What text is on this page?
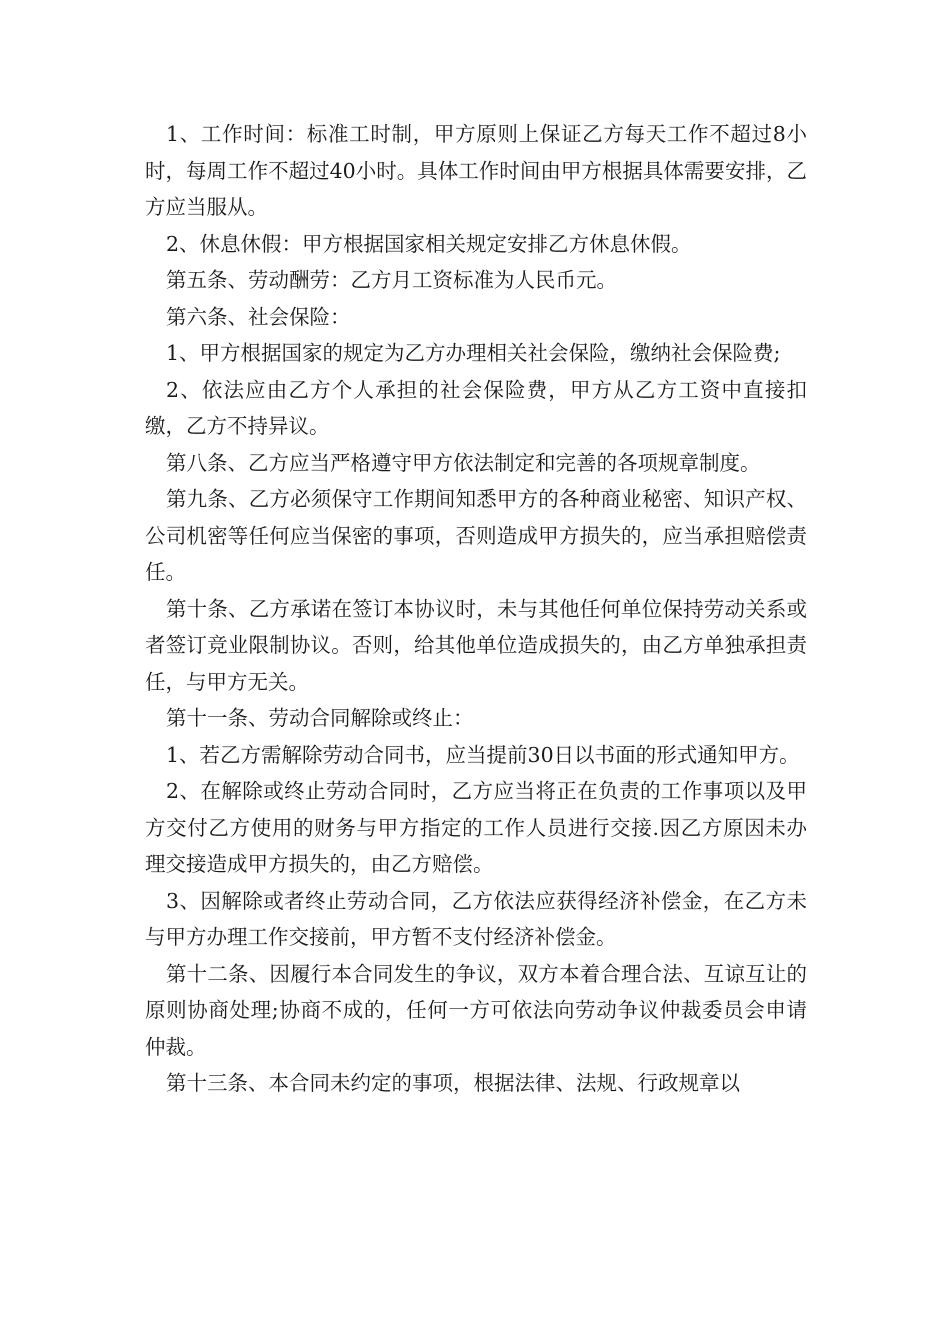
1、工作时间：标准工时制，甲方原则上保证乙方每天工作不超过8小时，每周工作不超过40小时。具体工作时间由甲方根据具体需要安排，乙方应当服从。

2、休息休假：甲方根据国家相关规定安排乙方休息休假。

第五条、劳动酬劳：乙方月工资标准为人民币元。

第六条、社会保险：

1、甲方根据国家的规定为乙方办理相关社会保险，缴纳社会保险费;

2、依法应由乙方个人承担的社会保险费，甲方从乙方工资中直接扣缴，乙方不持异议。

第八条、乙方应当严格遵守甲方依法制定和完善的各项规章制度。

第九条、乙方必须保守工作期间知悉甲方的各种商业秘密、知识产权、公司机密等任何应当保密的事项，否则造成甲方损失的，应当承担赔偿责任。

第十条、乙方承诺在签订本协议时，未与其他任何单位保持劳动关系或者签订竞业限制协议。否则，给其他单位造成损失的，由乙方单独承担责任，与甲方无关。

第十一条、劳动合同解除或终止：

1、若乙方需解除劳动合同书，应当提前30日以书面的形式通知甲方。

2、在解除或终止劳动合同时，乙方应当将正在负责的工作事项以及甲方交付乙方使用的财务与甲方指定的工作人员进行交接.因乙方原因未办理交接造成甲方损失的，由乙方赔偿。

3、因解除或者终止劳动合同，乙方依法应获得经济补偿金，在乙方未与甲方办理工作交接前，甲方暂不支付经济补偿金。

第十二条、因履行本合同发生的争议，双方本着合理合法、互谅互让的原则协商处理;协商不成的，任何一方可依法向劳动争议仲裁委员会申请仲裁。

第十三条、本合同未约定的事项，根据法律、法规、行政规章以
